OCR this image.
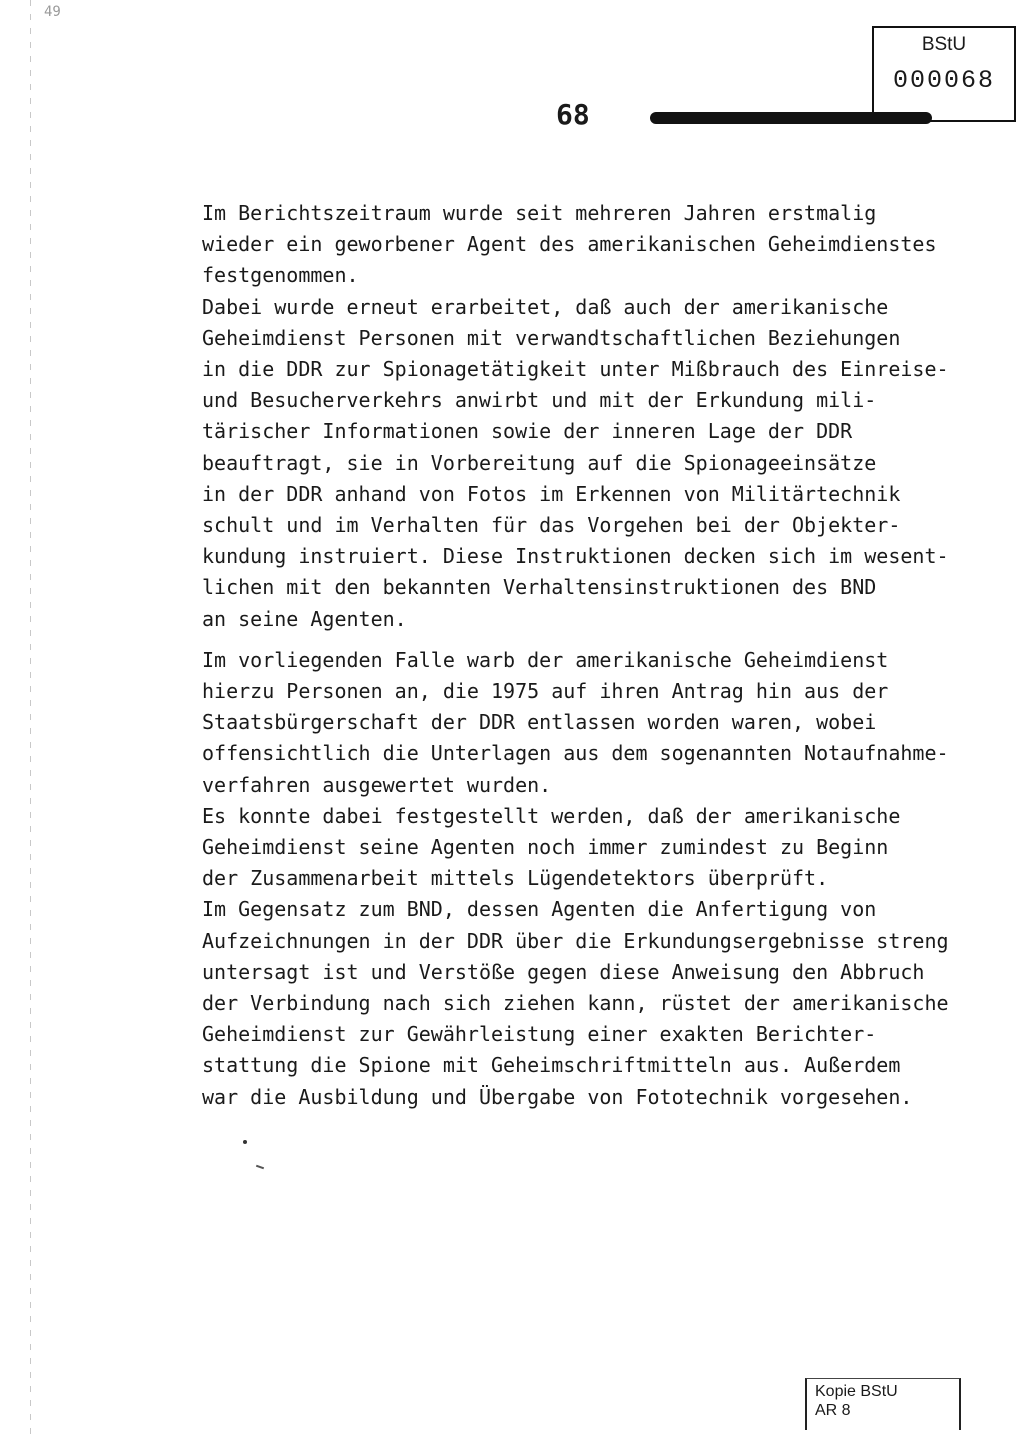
49
BStU
000068
68

Im Berichtszeitraum wurde seit mehreren Jahren erstmalig
wieder ein geworbener Agent des amerikanischen Geheimdienstes
festgenommen.
Dabei wurde erneut erarbeitet, daß auch der amerikanische
Geheimdienst Personen mit verwandtschaftlichen Beziehungen
in die DDR zur Spionagetätigkeit unter Mißbrauch des Einreise-
und Besucherverkehrs anwirbt und mit der Erkundung mili-
tärischer Informationen sowie der inneren Lage der DDR
beauftragt, sie in Vorbereitung auf die Spionageeinsätze
in der DDR anhand von Fotos im Erkennen von Militärtechnik
schult und im Verhalten für das Vorgehen bei der Objekter-
kundung instruiert. Diese Instruktionen decken sich im wesent-
lichen mit den bekannten Verhaltensinstruktionen des BND
an seine Agenten.

Im vorliegenden Falle warb der amerikanische Geheimdienst
hierzu Personen an, die 1975 auf ihren Antrag hin aus der
Staatsbürgerschaft der DDR entlassen worden waren, wobei
offensichtlich die Unterlagen aus dem sogenannten Notaufnahme-
verfahren ausgewertet wurden.
Es konnte dabei festgestellt werden, daß der amerikanische
Geheimdienst seine Agenten noch immer zumindest zu Beginn
der Zusammenarbeit mittels Lügendetektors überprüft.
Im Gegensatz zum BND, dessen Agenten die Anfertigung von
Aufzeichnungen in der DDR über die Erkundungsergebnisse streng
untersagt ist und Verstöße gegen diese Anweisung den Abbruch
der Verbindung nach sich ziehen kann, rüstet der amerikanische
Geheimdienst zur Gewährleistung einer exakten Berichter-
stattung die Spione mit Geheimschriftmitteln aus. Außerdem
war die Ausbildung und Übergabe von Fototechnik vorgesehen.

Kopie BStU
AR 8
